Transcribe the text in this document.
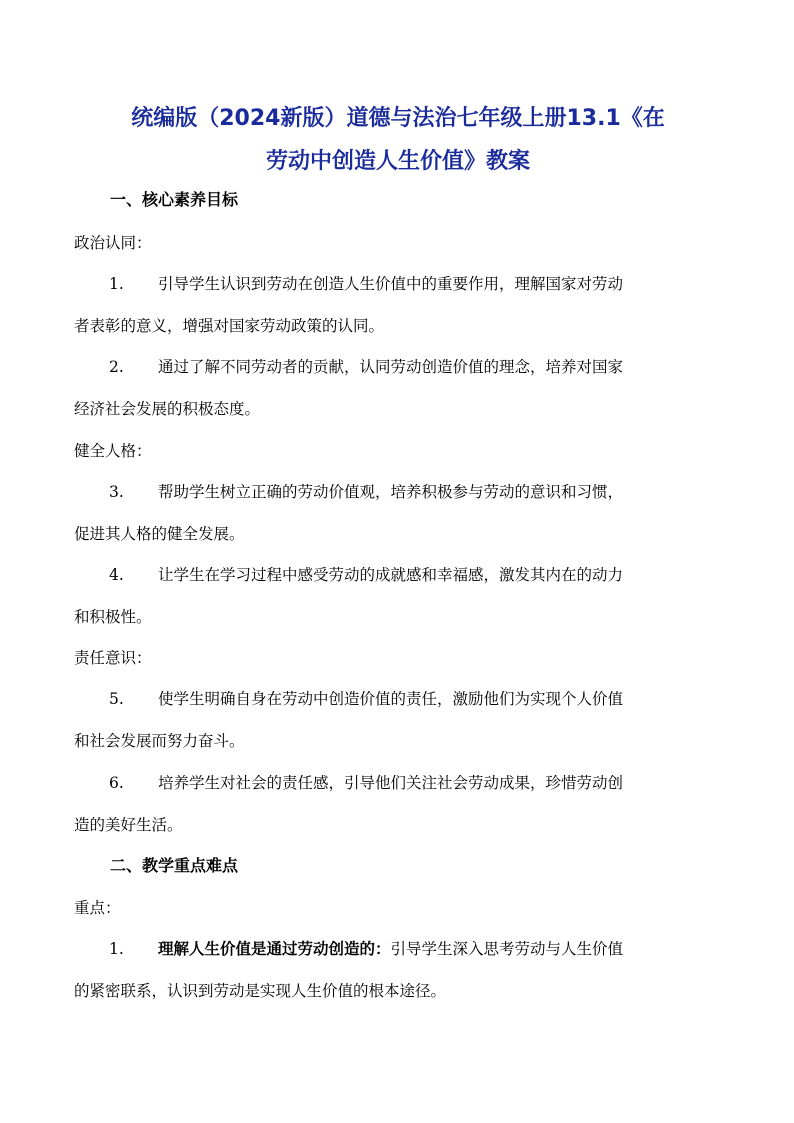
统编版（2024新版）道德与法治七年级上册13.1《在
劳动中创造人生价值》教案
一、核心素养目标
政治认同：
1. 引导学生认识到劳动在创造人生价值中的重要作用，理解国家对劳动
者表彰的意义，增强对国家劳动政策的认同。
2. 通过了解不同劳动者的贡献，认同劳动创造价值的理念，培养对国家
经济社会发展的积极态度。
健全人格：
3. 帮助学生树立正确的劳动价值观，培养积极参与劳动的意识和习惯，
促进其人格的健全发展。
4. 让学生在学习过程中感受劳动的成就感和幸福感，激发其内在的动力
和积极性。
责任意识：
5. 使学生明确自身在劳动中创造价值的责任，激励他们为实现个人价值
和社会发展而努力奋斗。
6. 培养学生对社会的责任感，引导他们关注社会劳动成果，珍惜劳动创
造的美好生活。
二、教学重点难点
重点：
1. 理解人生价值是通过劳动创造的：引导学生深入思考劳动与人生价值
的紧密联系，认识到劳动是实现人生价值的根本途径。
